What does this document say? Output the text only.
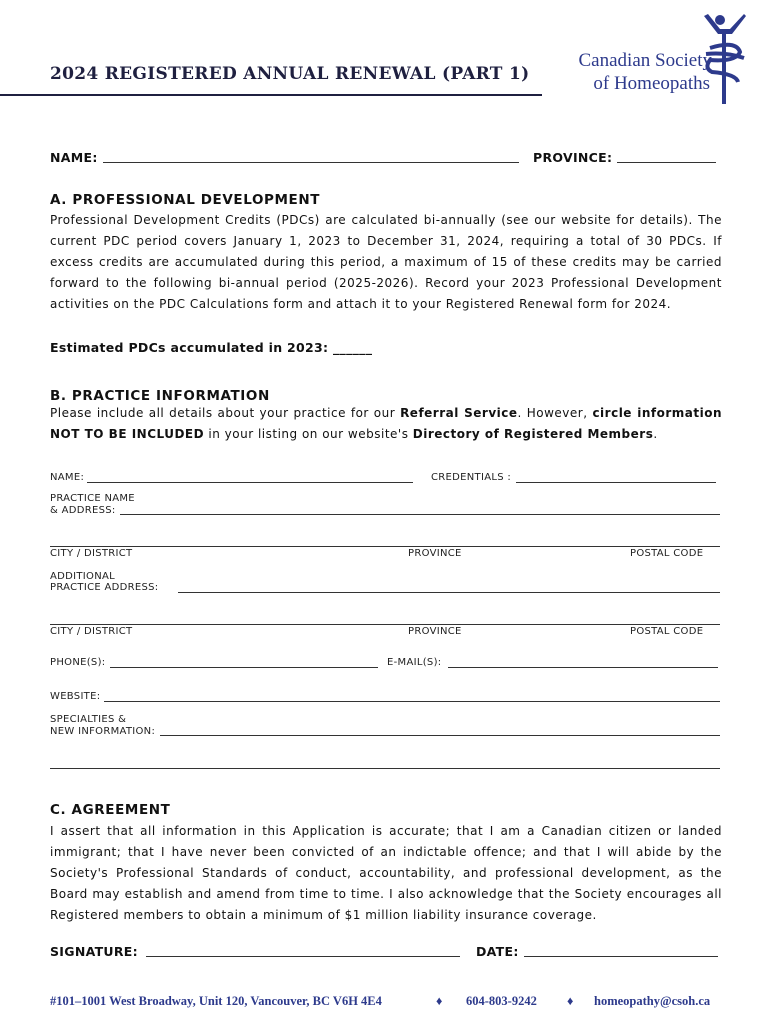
2024 REGISTERED ANNUAL RENEWAL (PART 1)
Canadian Society
of Homeopaths
NAME:	PROVINCE:
A. PROFESSIONAL DEVELOPMENT
Professional Development Credits (PDCs) are calculated bi-annually (see our website for details). The current PDC period covers January 1, 2023 to December 31, 2024, requiring a total of 30 PDCs. If excess credits are accumulated during this period, a maximum of 15 of these credits may be carried forward to the following bi-annual period (2025-2026). Record your 2023 Professional Development activities on the PDC Calculations form and attach it to your Registered Renewal form for 2024.
Estimated PDCs accumulated in 2023: ______
B. PRACTICE INFORMATION
Please include all details about your practice for our Referral Service. However, circle information NOT TO BE INCLUDED in your listing on our website's Directory of Registered Members.
NAME:	CREDENTIALS :
PRACTICE NAME
& ADDRESS:
CITY / DISTRICT	PROVINCE	POSTAL CODE
ADDITIONAL
PRACTICE ADDRESS:
CITY / DISTRICT	PROVINCE	POSTAL CODE
PHONE(S):	E-MAIL(S):
WEBSITE:
SPECIALTIES &
NEW INFORMATION:
C. AGREEMENT
I assert that all information in this Application is accurate; that I am a Canadian citizen or landed immigrant; that I have never been convicted of an indictable offence; and that I will abide by the Society's Professional Standards of conduct, accountability, and professional development, as the Board may establish and amend from time to time. I also acknowledge that the Society encourages all Registered members to obtain a minimum of $1 million liability insurance coverage.
SIGNATURE:	DATE:
#101–1001 West Broadway, Unit 120, Vancouver, BC V6H 4E4	♦ 604-803-9242 ♦ homeopathy@csoh.ca
